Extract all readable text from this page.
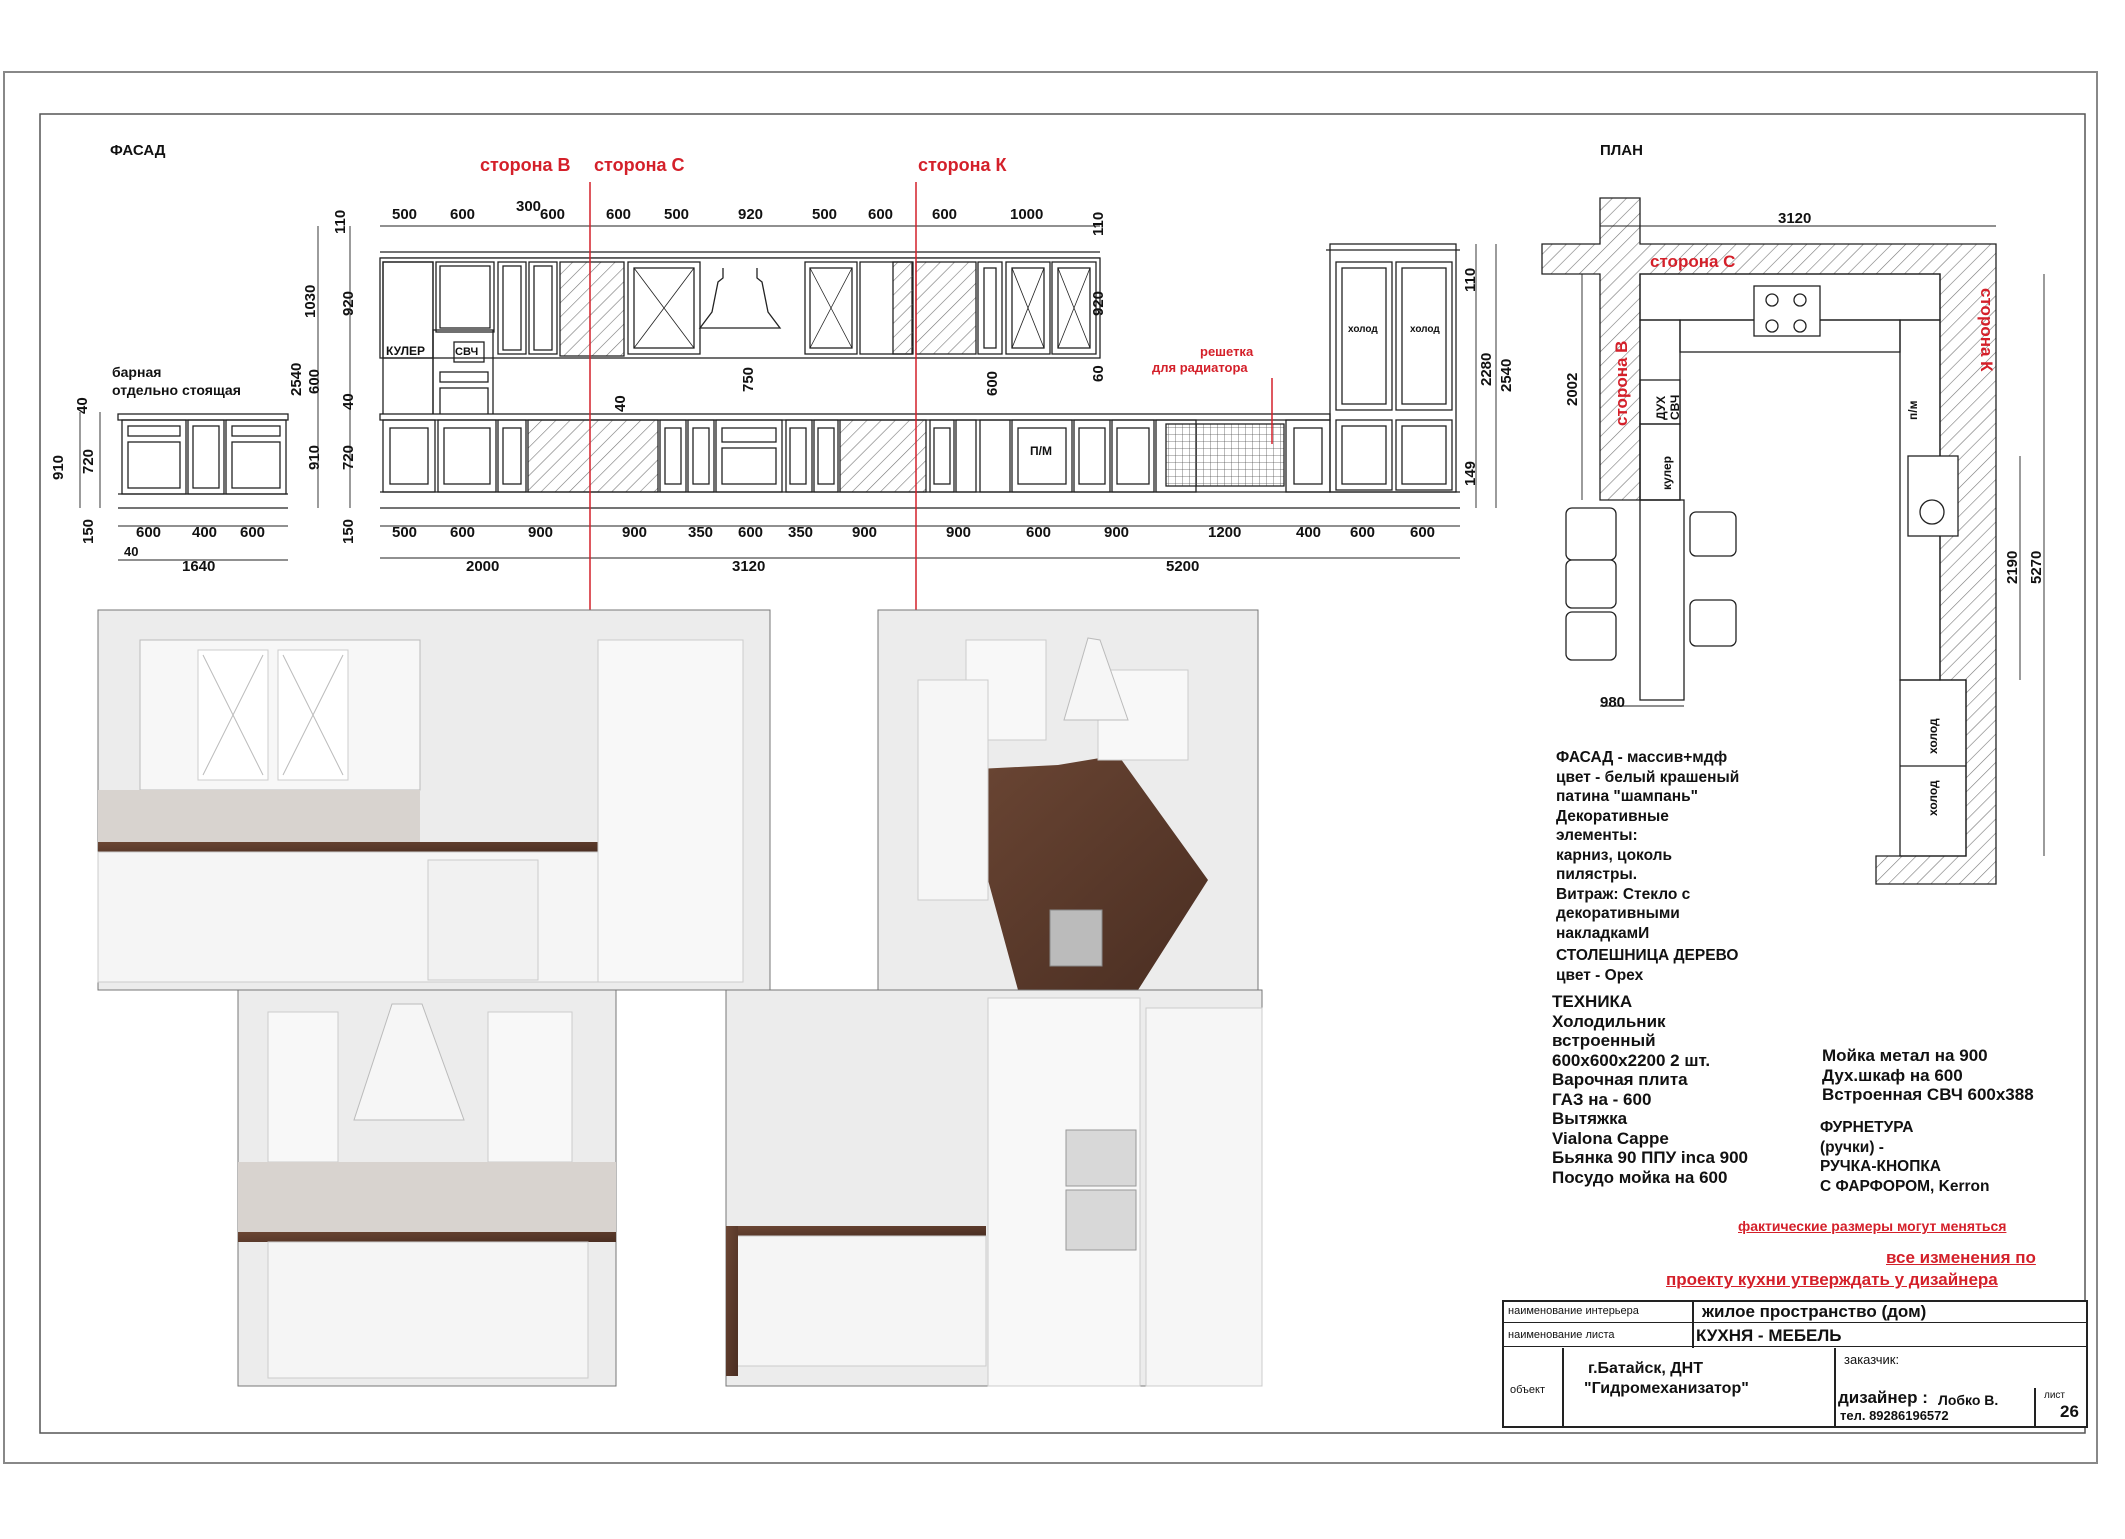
ФАСАД	ПЛАН
сторона В сторона С	сторона К
барная
отдельно стоящая
КУЛЕР	СВЧ
П/М
холод	холод
решетка
для радиатора
500 600	300
600	600 500	920	500 600	600	1000
500 600	900	900	350 600 350	900	900	600	900	1200	400 600 600
600 400 600
40
1640	2000	3120	5200
110
1030 920
2540 600
40
910 720
150
40
910 720
150
40
750	600	60
920
110
110
2280 2540
149
сторона С
сторона В
сторона К
3120
2002
2190 5270
980
ДУХ СВЧ
кулер
п/м
холод
холод
ФАСАД - массив+мдф
цвет - белый крашеный
патина "шампань"
Декоративные
элементы:
карниз, цоколь
пилястры.
Витраж: Стекло с
декоративными
накладкамИ
СТОЛЕШНИЦА ДЕРЕВО
цвет - Орех
ТЕХНИКА
Холодильник
встроенный
600x600x2200 2 шт.
Варочная плита
ГАЗ на - 600
Вытяжка
Vialona Cappe
Бьянка 90 ППУ inca 900
Посудо мойка на 600
Мойка метал на 900
Дух.шкаф на 600
Встроенная СВЧ 600x388
ФУРНЕТУРА
(ручки) -
РУЧКА-КНОПКА
С ФАРФОРОМ, Kerron
фактические размеры могут меняться
все изменения по
проекту кухни утверждать у дизайнера
наименование интерьера	жилое пространство (дом)
наименование листа	КУХНЯ - МЕБЕЛЬ
объект
г.Батайск, ДНТ
"Гидромеханизатор"
заказчик:
дизайнер : Лобко В.
тел. 89286196572
лист
26
